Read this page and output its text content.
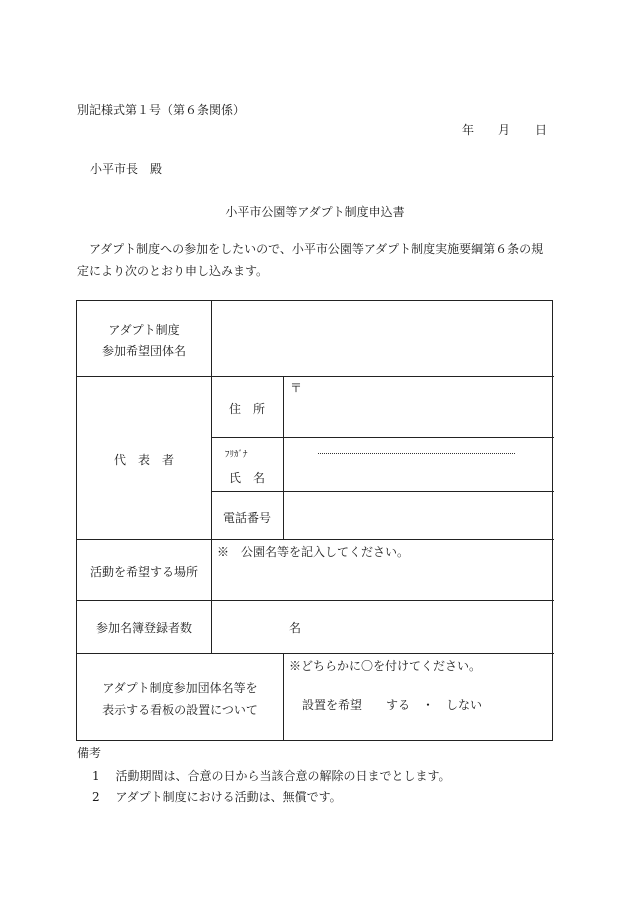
別記様式第１号（第６条関係）
年 月 日
小平市長　殿
小平市公園等アダプト制度申込書
　アダプト制度への参加をしたいので、小平市公園等アダプト制度実施要綱第６条の規定により次のとおり申し込みます。
アダプト制度
参加希望団体名
代　表　者
住　所
〒
ﾌﾘｶﾞﾅ
氏　名
電話番号
活動を希望する場所
※　公園名等を記入してください。
参加名簿登録者数	名
アダプト制度参加団体名等を
表示する看板の設置について
※どちらかに〇を付けてください。
設置を希望　　する　・　しない
備考
1　 活動期間は、合意の日から当該合意の解除の日までとします。
2　 アダプト制度における活動は、無償です。
